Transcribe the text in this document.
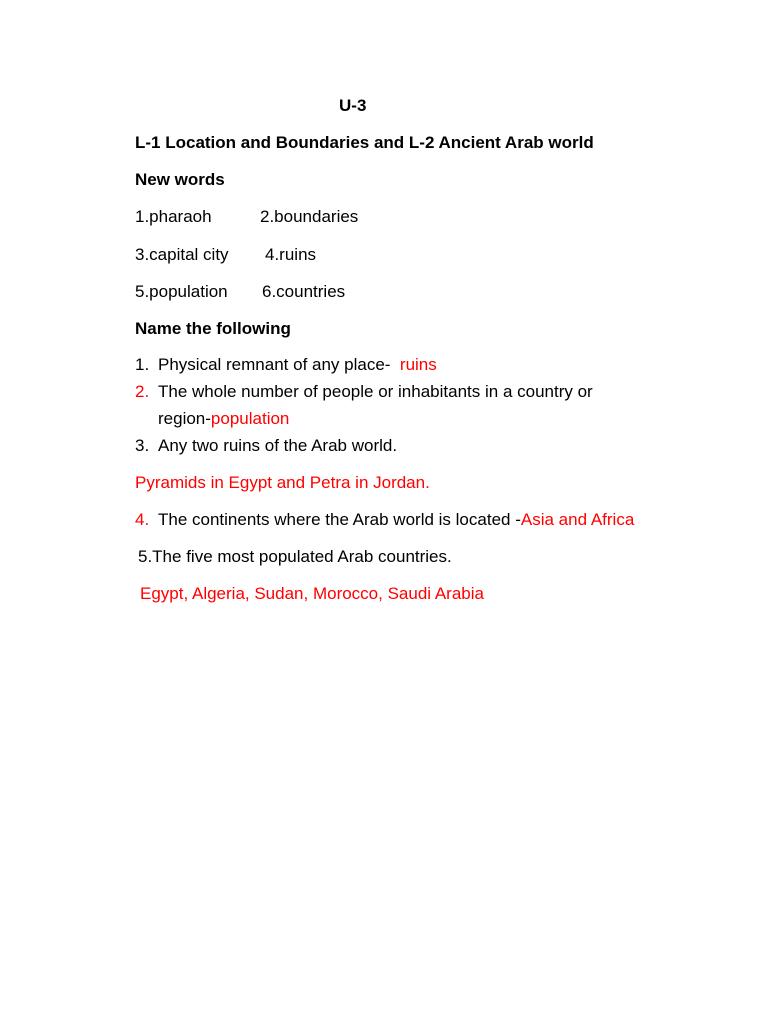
U-3
L-1 Location and Boundaries and L-2 Ancient Arab world
New words
1.pharaoh	2.boundaries
3.capital city 4.ruins
5.population 6.countries
Name the following
1. Physical remnant of any place- ruins
2. The whole number of people or inhabitants in a country or
region-population
3. Any two ruins of the Arab world.
Pyramids in Egypt and Petra in Jordan.
4. The continents where the Arab world is located -Asia and Africa
5.The five most populated Arab countries.
Egypt, Algeria, Sudan, Morocco, Saudi Arabia
